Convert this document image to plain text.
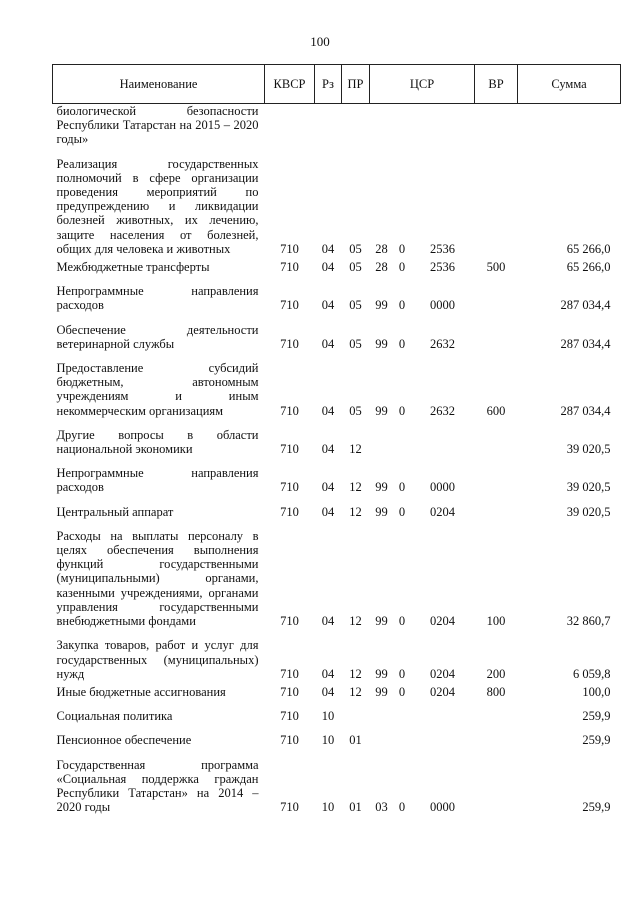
100
Наименование	КВСР	Рз	ПР	ЦСР			ВР	Сумма
биологической безопасности Республики Татарстан на 2015 – 2020 годы»								
Реализация государственных полномочий в сфере организации проведения мероприятий по предупреждению и ликвидации болезней животных, их лечению, защите населения от болезней, общих для человека и животных	710	04	05	28	0	2536		65 266,0
Межбюджетные трансферты	710	04	05	28	0	2536	500	65 266,0
Непрограммные направления расходов	710	04	05	99	0	0000		287 034,4
Обеспечение деятельности ветеринарной службы	710	04	05	99	0	2632		287 034,4
Предоставление субсидий бюджетным, автономным учреждениям и иным некоммерческим организациям	710	04	05	99	0	2632	600	287 034,4
Другие вопросы в области национальной экономики	710	04	12					39 020,5
Непрограммные направления расходов	710	04	12	99	0	0000		39 020,5
Центральный аппарат	710	04	12	99	0	0204		39 020,5
Расходы на выплаты персоналу в целях обеспечения выполнения функций государственными (муниципальными) органами, казенными учреждениями, органами управления государственными внебюджетными фондами	710	04	12	99	0	0204	100	32 860,7
Закупка товаров, работ и услуг для государственных (муниципальных) нужд	710	04	12	99	0	0204	200	6 059,8
Иные бюджетные ассигнования	710	04	12	99	0	0204	800	100,0
Социальная политика	710	10						259,9
Пенсионное обеспечение	710	10	01					259,9
Государственная программа «Социальная поддержка граждан Республики Татарстан» на 2014 – 2020 годы	710	10	01	03	0	0000		259,9
